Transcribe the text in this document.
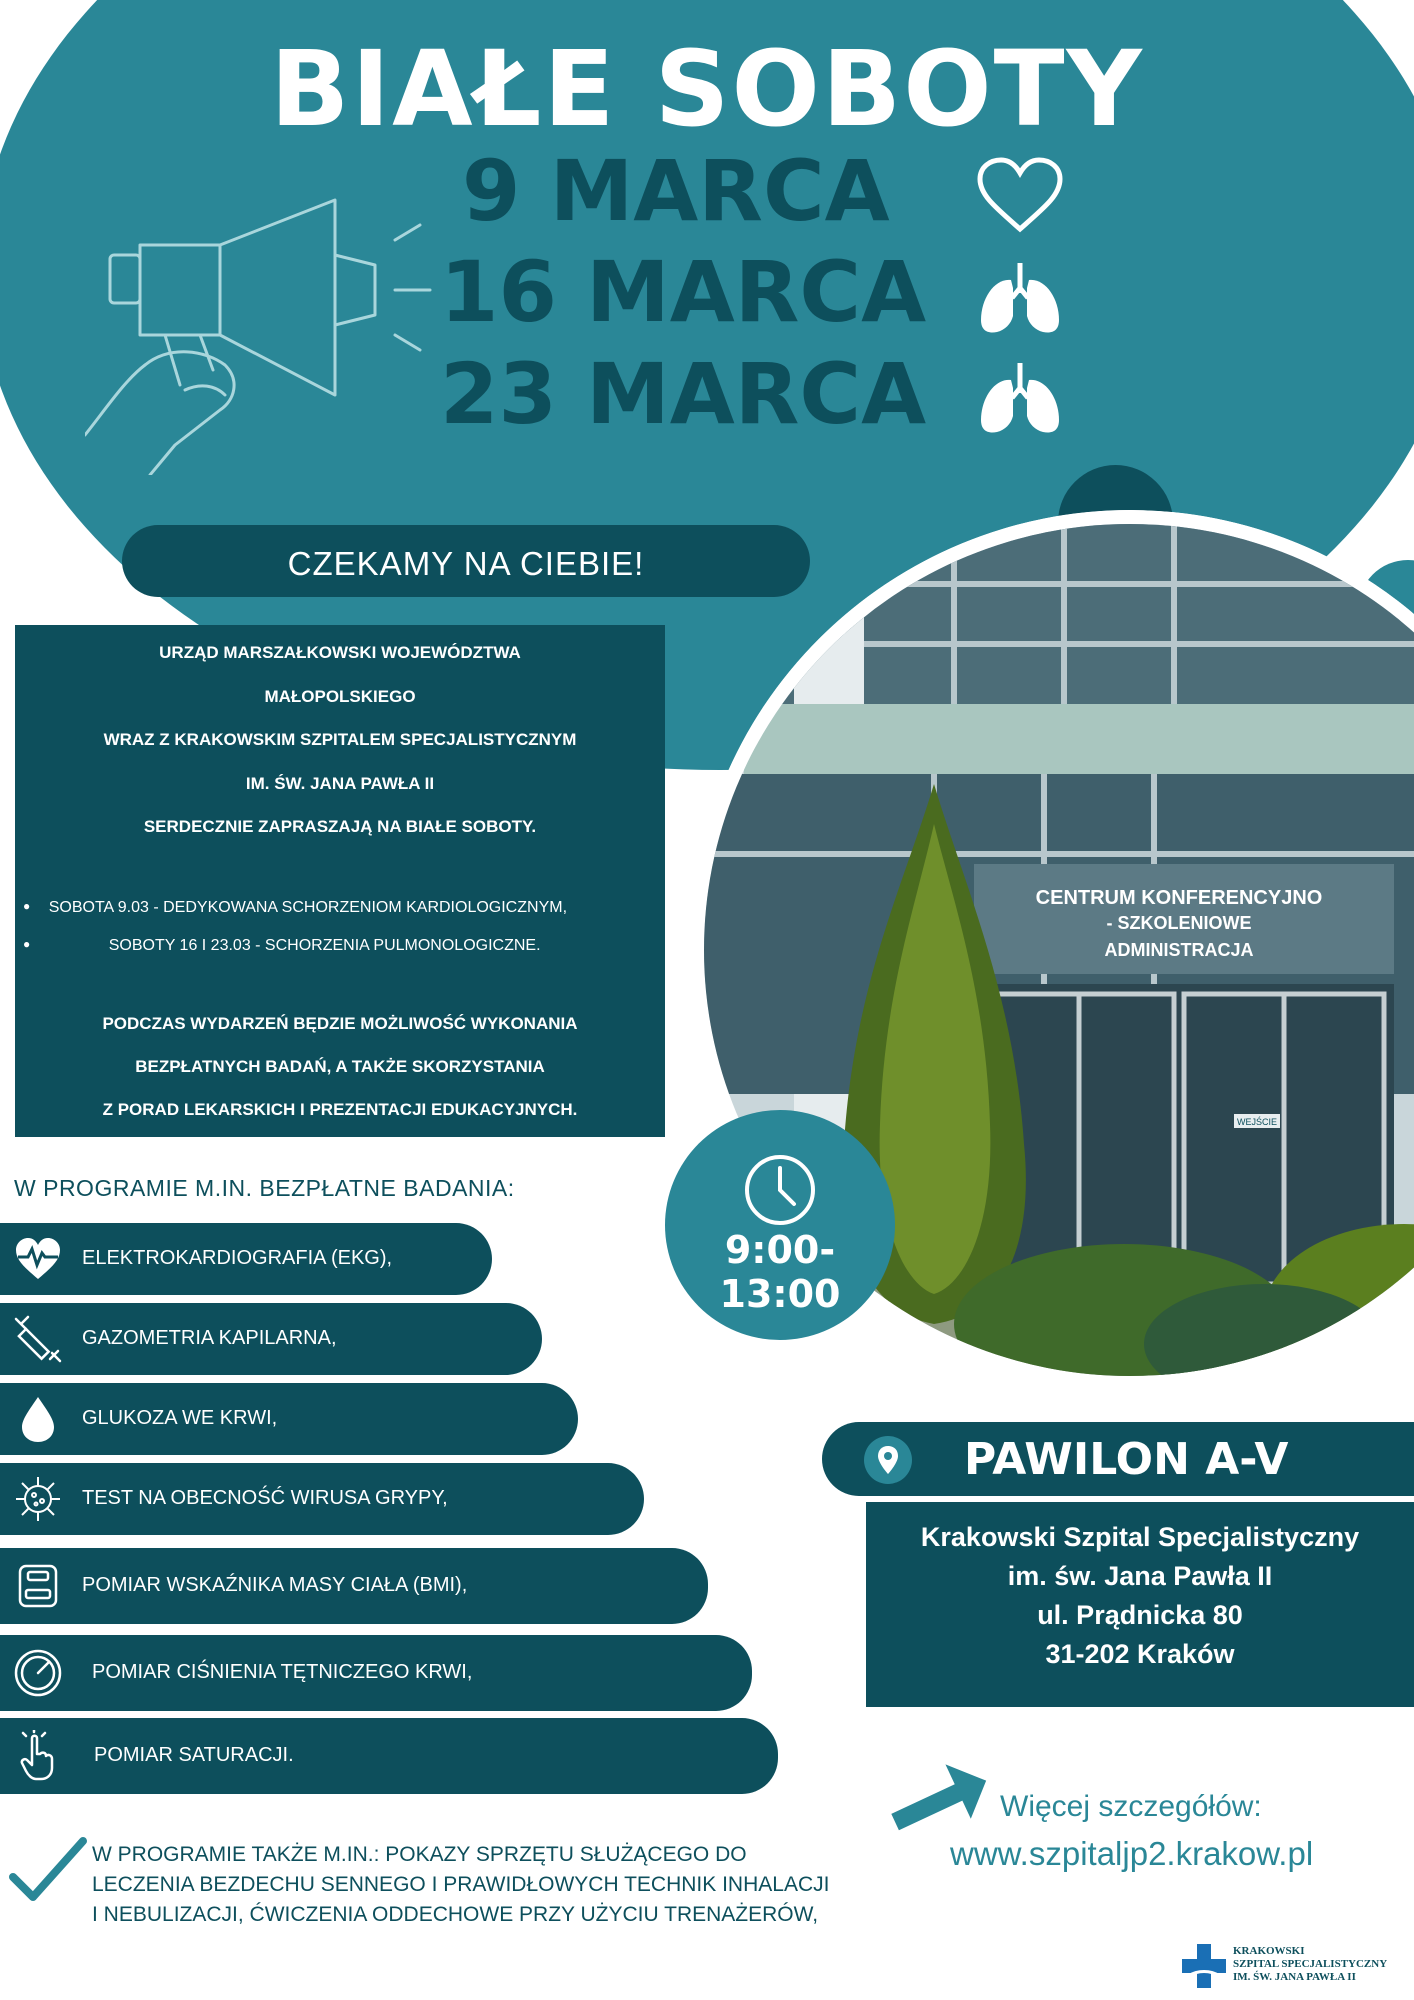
BIAŁE SOBOTY
9 MARCA
16 MARCA
23 MARCA
CZEKAMY NA CIEBIE!

URZĄD MARSZAŁKOWSKI WOJEWÓDZTWA

MAŁOPOLSKIEGO

WRAZ Z KRAKOWSKIM SZPITALEM SPECJALISTYCZNYM

IM. ŚW. JANA PAWŁA II

SERDECZNIE ZAPRASZAJĄ NA BIAŁE SOBOTY.

● SOBOTA 9.03 - DEDYKOWANA SCHORZENIOM KARDIOLOGICZNYM,

●	SOBOTY 16 I 23.03 - SCHORZENIA PULMONOLOGICZNE.

PODCZAS WYDARZEŃ BĘDZIE MOŻLIWOŚĆ WYKONANIA

BEZPŁATNYCH BADAŃ, A TAKŻE SKORZYSTANIA

Z PORAD LEKARSKICH I PREZENTACJI EDUKACYJNYCH.

CENTRUM KONFERENCYJNO
- SZKOLENIOWE
ADMINISTRACJA
WEJŚCIE
9:00-13:00
W PROGRAMIE M.IN. BEZPŁATNE BADANIA:
ELEKTROKARDIOGRAFIA (EKG),
GAZOMETRIA KAPILARNA,
GLUKOZA WE KRWI,
TEST NA OBECNOŚĆ WIRUSA GRYPY,
POMIAR WSKAŹNIKA MASY CIAŁA (BMI),
POMIAR CIŚNIENIA TĘTNICZEGO KRWI,
POMIAR SATURACJI.
PAWILON A-V
Krakowski Szpital Specjalistyczny
im. św. Jana Pawła II
ul. Prądnicka 80
31-202 Kraków
Więcej szczegółów:
www.szpitaljp2.krakow.pl
W PROGRAMIE TAKŻE M.IN.: POKAZY SPRZĘTU SŁUŻĄCEGO DO
LECZENIA BEZDECHU SENNEGO I PRAWIDŁOWYCH TECHNIK INHALACJI
I NEBULIZACJI, ĆWICZENIA ODDECHOWE PRZY UŻYCIU TRENAŻERÓW,
KRAKOWSKI
SZPITAL SPECJALISTYCZNY
IM. ŚW. JANA PAWŁA II
